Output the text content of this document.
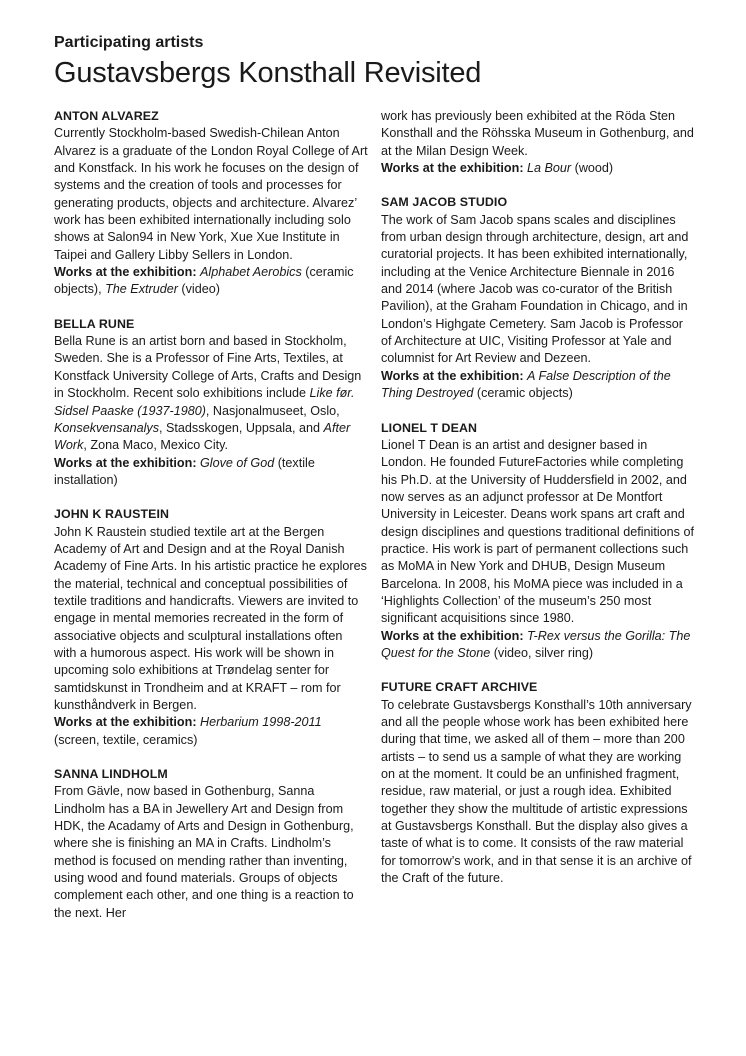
Participating artists
Gustavsbergs Konsthall Revisited
ANTON ALVAREZ

Currently Stockholm-based Swedish-Chilean Anton Alvarez is a graduate of the London Royal College of Art and Konstfack. In his work he focuses on the design of systems and the creation of tools and processes for generating products, objects and architecture. Alvarez’ work has been exhibited internationally including solo shows at Salon94 in New York, Xue Xue Institute in Taipei and Gallery Libby Sellers in London.

Works at the exhibition: Alphabet Aerobics (ceramic objects), The Extruder (video)

BELLA RUNE

Bella Rune is an artist born and based in Stockholm, Sweden. She is a Professor of Fine Arts, Textiles, at Konstfack University College of Arts, Crafts and Design in Stockholm. Recent solo exhibitions include Like før. Sidsel Paaske (1937-1980), Nasjonalmuseet, Oslo, Konsekvensanalys, Stadsskogen, Uppsala, and After Work, Zona Maco, Mexico City.

Works at the exhibition: Glove of God (textile installation)

JOHN K RAUSTEIN

John K Raustein studied textile art at the Bergen Academy of Art and Design and at the Royal Danish Academy of Fine Arts. In his artistic practice he explores the material, technical and conceptual possibilities of textile traditions and handicrafts. Viewers are invited to engage in mental memories recreated in the form of associative objects and sculptural installations often with a humorous aspect. His work will be shown in upcoming solo exhibitions at Trøndelag senter for samtidskunst in Trondheim and at KRAFT – rom for kunsthåndverk in Bergen.

Works at the exhibition: Herbarium 1998-2011 (screen, textile, ceramics)

SANNA LINDHOLM

From Gävle, now based in Gothenburg, Sanna Lindholm has a BA in Jewellery Art and Design from HDK, the Acadamy of Arts and Design in Gothenburg, where she is finishing an MA in Crafts. Lindholm’s method is focused on mending rather than inventing, using wood and found materials. Groups of objects complement each other, and one thing is a reaction to the next. Her

work has previously been exhibited at the Röda Sten Konsthall and the Röhsska Museum in Gothenburg, and at the Milan Design Week.

Works at the exhibition: La Bour (wood)

SAM JACOB STUDIO

The work of Sam Jacob spans scales and disciplines from urban design through architecture, design, art and curatorial projects. It has been exhibited internationally, including at the Venice Architecture Biennale in 2016 and 2014 (where Jacob was co-curator of the British Pavilion), at the Graham Foundation in Chicago, and in London’s Highgate Cemetery. Sam Jacob is Professor of Architecture at UIC, Visiting Professor at Yale and columnist for Art Review and Dezeen.

Works at the exhibition: A False Description of the Thing Destroyed (ceramic objects)

LIONEL T DEAN

Lionel T Dean is an artist and designer based in London. He founded FutureFactories while completing his Ph.D. at the University of Huddersfield in 2002, and now serves as an adjunct professor at De Montfort University in Leicester. Deans work spans art craft and design disciplines and questions traditional definitions of practice. His work is part of permanent collections such as MoMA in New York and DHUB, Design Museum Barcelona. In 2008, his MoMA piece was included in a ‘Highlights Collection’ of the museum’s 250 most significant acquisitions since 1980.

Works at the exhibition: T-Rex versus the Gorilla: The Quest for the Stone (video, silver ring)

FUTURE CRAFT ARCHIVE

To celebrate Gustavsbergs Konsthall’s 10th anniversary and all the people whose work has been exhibited here during that time, we asked all of them – more than 200 artists – to send us a sample of what they are working on at the moment. It could be an unfinished fragment, residue, raw material, or just a rough idea. Exhibited together they show the multitude of artistic expressions at Gustavsbergs Konsthall. But the display also gives a taste of what is to come. It consists of the raw material for tomorrow’s work, and in that sense it is an archive of the Craft of the future.
